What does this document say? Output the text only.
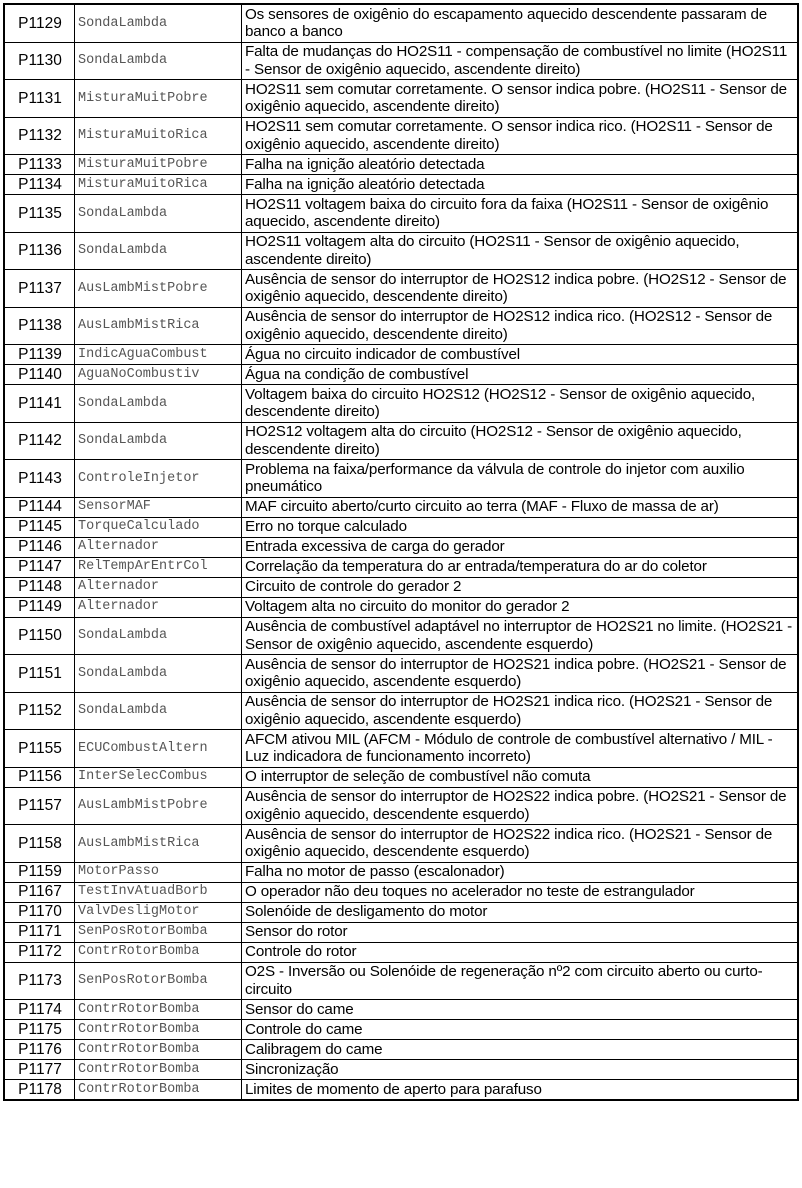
P1129	SondaLambda	Os sensores de oxigênio do escapamento aquecido descendente passaram de banco a banco
P1130	SondaLambda	Falta de mudanças do HO2S11 - compensação de combustível no limite (HO2S11 - Sensor de oxigênio aquecido, ascendente direito)
P1131	MisturaMuitPobre	HO2S11 sem comutar corretamente. O sensor indica pobre. (HO2S11 - Sensor de oxigênio aquecido, ascendente direito)
P1132	MisturaMuitoRica	HO2S11 sem comutar corretamente. O sensor indica rico. (HO2S11 - Sensor de oxigênio aquecido, ascendente direito)
P1133	MisturaMuitPobre	Falha na ignição aleatório detectada
P1134	MisturaMuitoRica	Falha na ignição aleatório detectada
P1135	SondaLambda	HO2S11 voltagem baixa do circuito fora da faixa (HO2S11 - Sensor de oxigênio aquecido, ascendente direito)
P1136	SondaLambda	HO2S11 voltagem alta do circuito (HO2S11 - Sensor de oxigênio aquecido, ascendente direito)
P1137	AusLambMistPobre	Ausência de sensor do interruptor de HO2S12 indica pobre. (HO2S12 - Sensor de oxigênio aquecido, descendente direito)
P1138	AusLambMistRica	Ausência de sensor do interruptor de HO2S12 indica rico. (HO2S12 - Sensor de oxigênio aquecido, descendente direito)
P1139	IndicAguaCombust	Água no circuito indicador de combustível
P1140	AguaNoCombustiv	Água na condição de combustível
P1141	SondaLambda	Voltagem baixa do circuito HO2S12 (HO2S12 - Sensor de oxigênio aquecido, descendente direito)
P1142	SondaLambda	HO2S12 voltagem alta do circuito (HO2S12 - Sensor de oxigênio aquecido, descendente direito)
P1143	ControleInjetor	Problema na faixa/performance da válvula de controle do injetor com auxilio pneumático
P1144	SensorMAF	MAF circuito aberto/curto circuito ao terra (MAF - Fluxo de massa de ar)
P1145	TorqueCalculado	Erro no torque calculado
P1146	Alternador	Entrada excessiva de carga do gerador
P1147	RelTempArEntrCol	Correlação da temperatura do ar entrada/temperatura do ar do coletor
P1148	Alternador	Circuito de controle do gerador 2
P1149	Alternador	Voltagem alta no circuito do monitor do gerador 2
P1150	SondaLambda	Ausência de combustível adaptável no interruptor de HO2S21 no limite. (HO2S21 - Sensor de oxigênio aquecido, ascendente esquerdo)
P1151	SondaLambda	Ausência de sensor do interruptor de HO2S21 indica pobre. (HO2S21 - Sensor de oxigênio aquecido, ascendente esquerdo)
P1152	SondaLambda	Ausência de sensor do interruptor de HO2S21 indica rico. (HO2S21 - Sensor de oxigênio aquecido, ascendente esquerdo)
P1155	ECUCombustAltern	AFCM ativou MIL (AFCM - Módulo de controle de combustível alternativo / MIL - Luz indicadora de funcionamento incorreto)
P1156	InterSelecCombus	O interruptor de seleção de combustível não comuta
P1157	AusLambMistPobre	Ausência de sensor do interruptor de HO2S22 indica pobre. (HO2S21 - Sensor de oxigênio aquecido, descendente esquerdo)
P1158	AusLambMistRica	Ausência de sensor do interruptor de HO2S22 indica rico. (HO2S21 - Sensor de oxigênio aquecido, descendente esquerdo)
P1159	MotorPasso	Falha no motor de passo (escalonador)
P1167	TestInvAtuadBorb	O operador não deu toques no acelerador no teste de estrangulador
P1170	ValvDesligMotor	Solenóide de desligamento do motor
P1171	SenPosRotorBomba	Sensor do rotor
P1172	ContrRotorBomba	Controle do rotor
P1173	SenPosRotorBomba	O2S - Inversão ou Solenóide de regeneração nº2 com circuito aberto ou curto-circuito
P1174	ContrRotorBomba	Sensor do came
P1175	ContrRotorBomba	Controle do came
P1176	ContrRotorBomba	Calibragem do came
P1177	ContrRotorBomba	Sincronização
P1178	ContrRotorBomba	Limites de momento de aperto para parafuso
